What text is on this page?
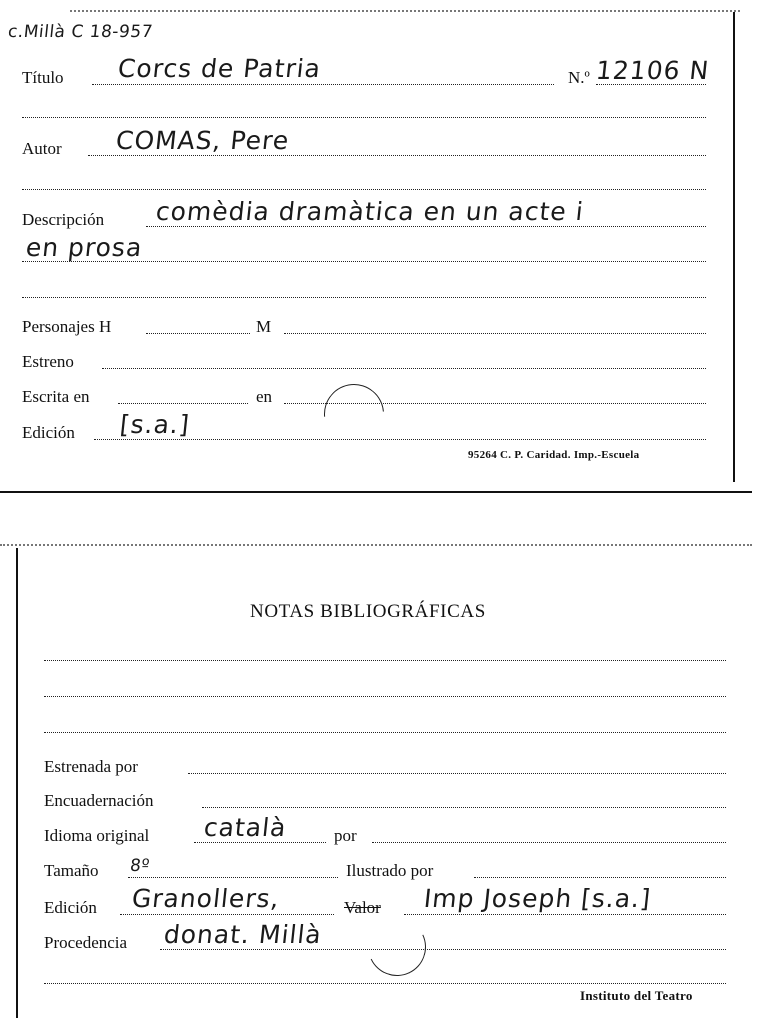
c.Millà C 18-957
Título Corcs de Patria	N.º 12106 N
Autor COMAS, Pere
Descripción comèdia dramàtica en un acte i
en prosa
Personajes H	M
Estreno
Escrita en	en
Edición [s.a.]
95264 C. P. Caridad. Imp.-Escuela
NOTAS BIBLIOGRÁFICAS
Estrenada por
Encuadernación
Idioma original català	por
Tamaño 8º	Ilustrado por
Edición Granollers,	Valor Imp Joseph [s.a.]
Procedencia donat. Millà
Instituto del Teatro
